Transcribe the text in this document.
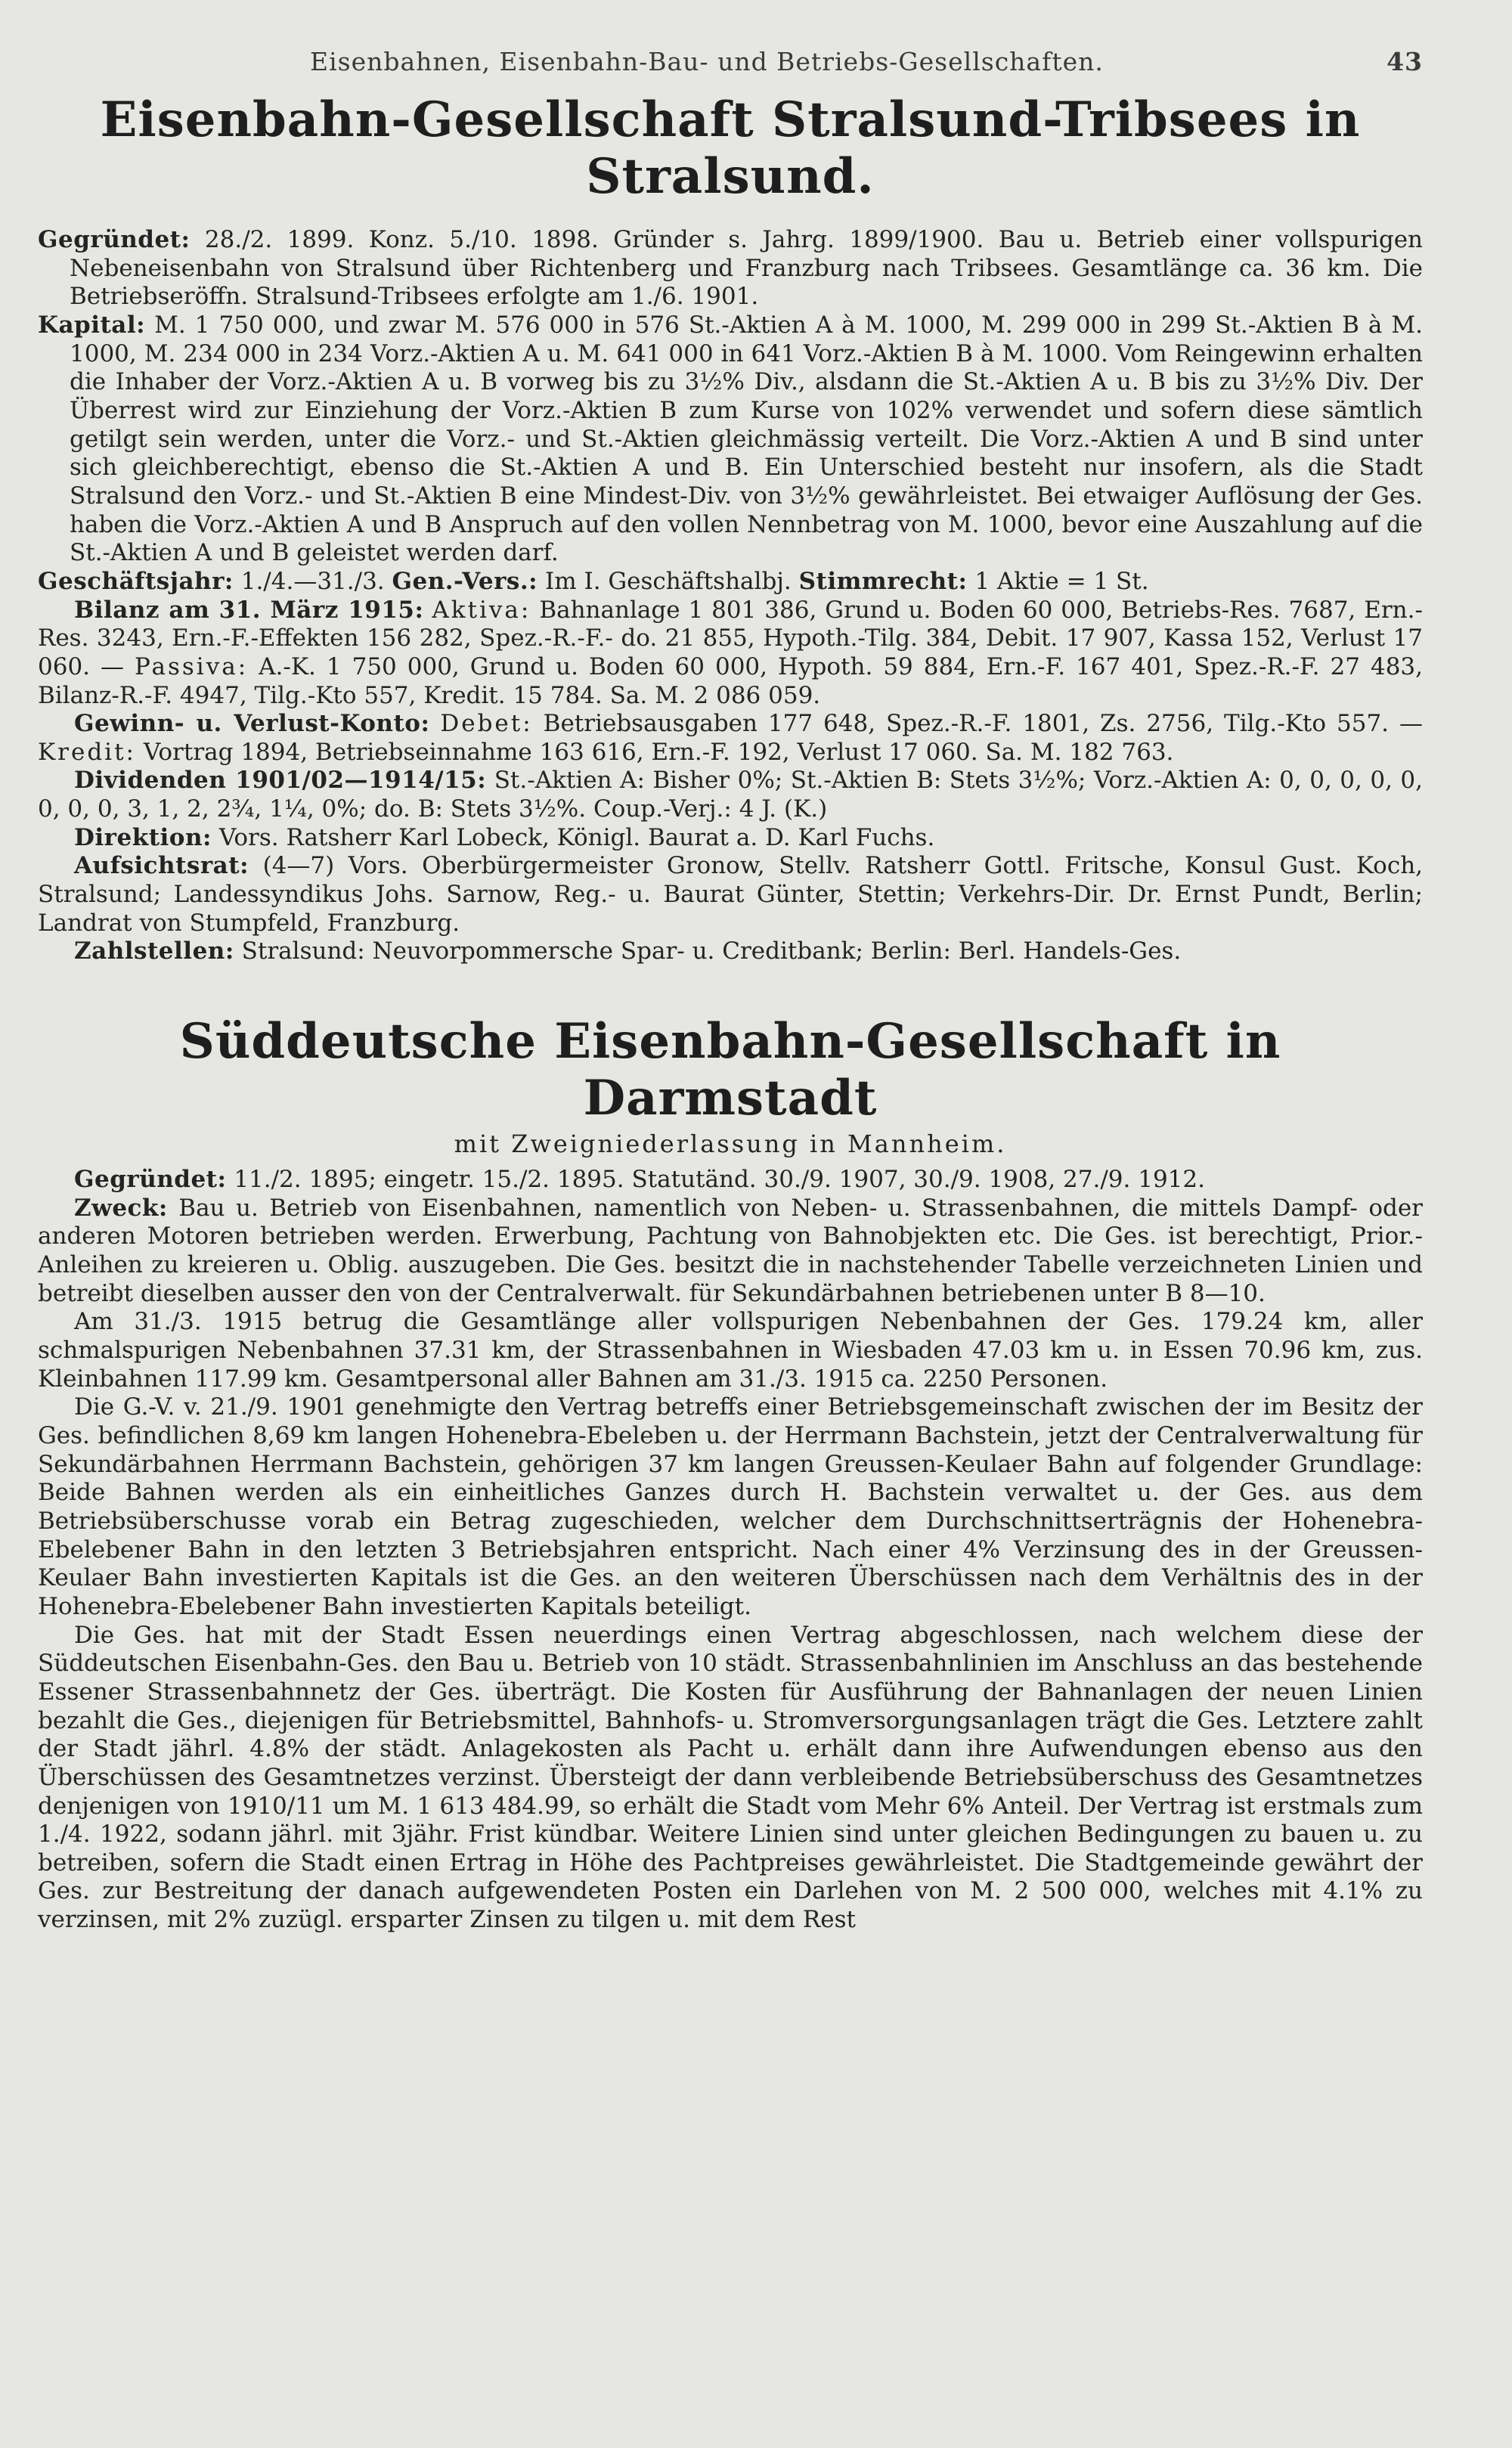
Eisenbahnen, Eisenbahn-Bau- und Betriebs-Gesellschaften.	43
Eisenbahn-Gesellschaft Stralsund-Tribsees in Stralsund.

Gegründet: 28./2. 1899. Konz. 5./10. 1898. Gründer s. Jahrg. 1899/1900. Bau u. Betrieb einer vollspurigen Nebeneisenbahn von Stralsund über Richtenberg und Franzburg nach Tribsees. Gesamtlänge ca. 36 km. Die Betriebseröffn. Stralsund-Tribsees erfolgte am 1./6. 1901.

Kapital: M. 1 750 000, und zwar M. 576 000 in 576 St.-Aktien A à M. 1000, M. 299 000 in 299 St.-Aktien B à M. 1000, M. 234 000 in 234 Vorz.-Aktien A u. M. 641 000 in 641 Vorz.-Aktien B à M. 1000. Vom Reingewinn erhalten die Inhaber der Vorz.-Aktien A u. B vorweg bis zu 3½% Div., alsdann die St.-Aktien A u. B bis zu 3½% Div. Der Überrest wird zur Einziehung der Vorz.-Aktien B zum Kurse von 102% verwendet und sofern diese sämtlich getilgt sein werden, unter die Vorz.- und St.-Aktien gleichmässig verteilt. Die Vorz.-Aktien A und B sind unter sich gleichberechtigt, ebenso die St.-Aktien A und B. Ein Unterschied besteht nur insofern, als die Stadt Stralsund den Vorz.- und St.-Aktien B eine Mindest-Div. von 3½% gewährleistet. Bei etwaiger Auflösung der Ges. haben die Vorz.-Aktien A und B Anspruch auf den vollen Nennbetrag von M. 1000, bevor eine Auszahlung auf die St.-Aktien A und B geleistet werden darf.

Geschäftsjahr: 1./4.—31./3. Gen.-Vers.: Im I. Geschäftshalbj. Stimmrecht: 1 Aktie = 1 St.

Bilanz am 31. März 1915: Aktiva: Bahnanlage 1 801 386, Grund u. Boden 60 000, Betriebs-Res. 7687, Ern.-Res. 3243, Ern.-F.-Effekten 156 282, Spez.-R.-F.- do. 21 855, Hypoth.-Tilg. 384, Debit. 17 907, Kassa 152, Verlust 17 060. — Passiva: A.-K. 1 750 000, Grund u. Boden 60 000, Hypoth. 59 884, Ern.-F. 167 401, Spez.-R.-F. 27 483, Bilanz-R.-F. 4947, Tilg.-Kto 557, Kredit. 15 784. Sa. M. 2 086 059.

Gewinn- u. Verlust-Konto: Debet: Betriebsausgaben 177 648, Spez.-R.-F. 1801, Zs. 2756, Tilg.-Kto 557. — Kredit: Vortrag 1894, Betriebseinnahme 163 616, Ern.-F. 192, Verlust 17 060. Sa. M. 182 763.

Dividenden 1901/02—1914/15: St.-Aktien A: Bisher 0%; St.-Aktien B: Stets 3½%; Vorz.-Aktien A: 0, 0, 0, 0, 0, 0, 0, 0, 3, 1, 2, 2¾, 1¼, 0%; do. B: Stets 3½%. Coup.-Verj.: 4 J. (K.)

Direktion: Vors. Ratsherr Karl Lobeck, Königl. Baurat a. D. Karl Fuchs.

Aufsichtsrat: (4—7) Vors. Oberbürgermeister Gronow, Stellv. Ratsherr Gottl. Fritsche, Konsul Gust. Koch, Stralsund; Landessyndikus Johs. Sarnow, Reg.- u. Baurat Günter, Stettin; Verkehrs-Dir. Dr. Ernst Pundt, Berlin; Landrat von Stumpfeld, Franzburg.

Zahlstellen: Stralsund: Neuvorpommersche Spar- u. Creditbank; Berlin: Berl. Handels-Ges.

Süddeutsche Eisenbahn-Gesellschaft in Darmstadt
mit Zweigniederlassung in Mannheim.

Gegründet: 11./2. 1895; eingetr. 15./2. 1895. Statutänd. 30./9. 1907, 30./9. 1908, 27./9. 1912.

Zweck: Bau u. Betrieb von Eisenbahnen, namentlich von Neben- u. Strassenbahnen, die mittels Dampf- oder anderen Motoren betrieben werden. Erwerbung, Pachtung von Bahnobjekten etc. Die Ges. ist berechtigt, Prior.-Anleihen zu kreieren u. Oblig. auszugeben. Die Ges. besitzt die in nachstehender Tabelle verzeichneten Linien und betreibt dieselben ausser den von der Centralverwalt. für Sekundärbahnen betriebenen unter B 8—10.

Am 31./3. 1915 betrug die Gesamtlänge aller vollspurigen Nebenbahnen der Ges. 179.24 km, aller schmalspurigen Nebenbahnen 37.31 km, der Strassenbahnen in Wiesbaden 47.03 km u. in Essen 70.96 km, zus. Kleinbahnen 117.99 km. Gesamtpersonal aller Bahnen am 31./3. 1915 ca. 2250 Personen.

Die G.-V. v. 21./9. 1901 genehmigte den Vertrag betreffs einer Betriebsgemeinschaft zwischen der im Besitz der Ges. befindlichen 8,69 km langen Hohenebra-Ebeleben u. der Herrmann Bachstein, jetzt der Centralverwaltung für Sekundärbahnen Herrmann Bachstein, gehörigen 37 km langen Greussen-Keulaer Bahn auf folgender Grundlage: Beide Bahnen werden als ein einheitliches Ganzes durch H. Bachstein verwaltet u. der Ges. aus dem Betriebsüberschusse vorab ein Betrag zugeschieden, welcher dem Durchschnittserträgnis der Hohenebra-Ebelebener Bahn in den letzten 3 Betriebsjahren entspricht. Nach einer 4% Verzinsung des in der Greussen-Keulaer Bahn investierten Kapitals ist die Ges. an den weiteren Überschüssen nach dem Verhältnis des in der Hohenebra-Ebelebener Bahn investierten Kapitals beteiligt.

Die Ges. hat mit der Stadt Essen neuerdings einen Vertrag abgeschlossen, nach welchem diese der Süddeutschen Eisenbahn-Ges. den Bau u. Betrieb von 10 städt. Strassenbahnlinien im Anschluss an das bestehende Essener Strassenbahnnetz der Ges. überträgt. Die Kosten für Ausführung der Bahnanlagen der neuen Linien bezahlt die Ges., diejenigen für Betriebsmittel, Bahnhofs- u. Stromversorgungsanlagen trägt die Ges. Letztere zahlt der Stadt jährl. 4.8% der städt. Anlagekosten als Pacht u. erhält dann ihre Aufwendungen ebenso aus den Überschüssen des Gesamtnetzes verzinst. Übersteigt der dann verbleibende Betriebsüberschuss des Gesamtnetzes denjenigen von 1910/11 um M. 1 613 484.99, so erhält die Stadt vom Mehr 6% Anteil. Der Vertrag ist erstmals zum 1./4. 1922, sodann jährl. mit 3jähr. Frist kündbar. Weitere Linien sind unter gleichen Bedingungen zu bauen u. zu betreiben, sofern die Stadt einen Ertrag in Höhe des Pachtpreises gewährleistet. Die Stadtgemeinde gewährt der Ges. zur Bestreitung der danach aufgewendeten Posten ein Darlehen von M. 2 500 000, welches mit 4.1% zu verzinsen, mit 2% zuzügl. ersparter Zinsen zu tilgen u. mit dem Rest
